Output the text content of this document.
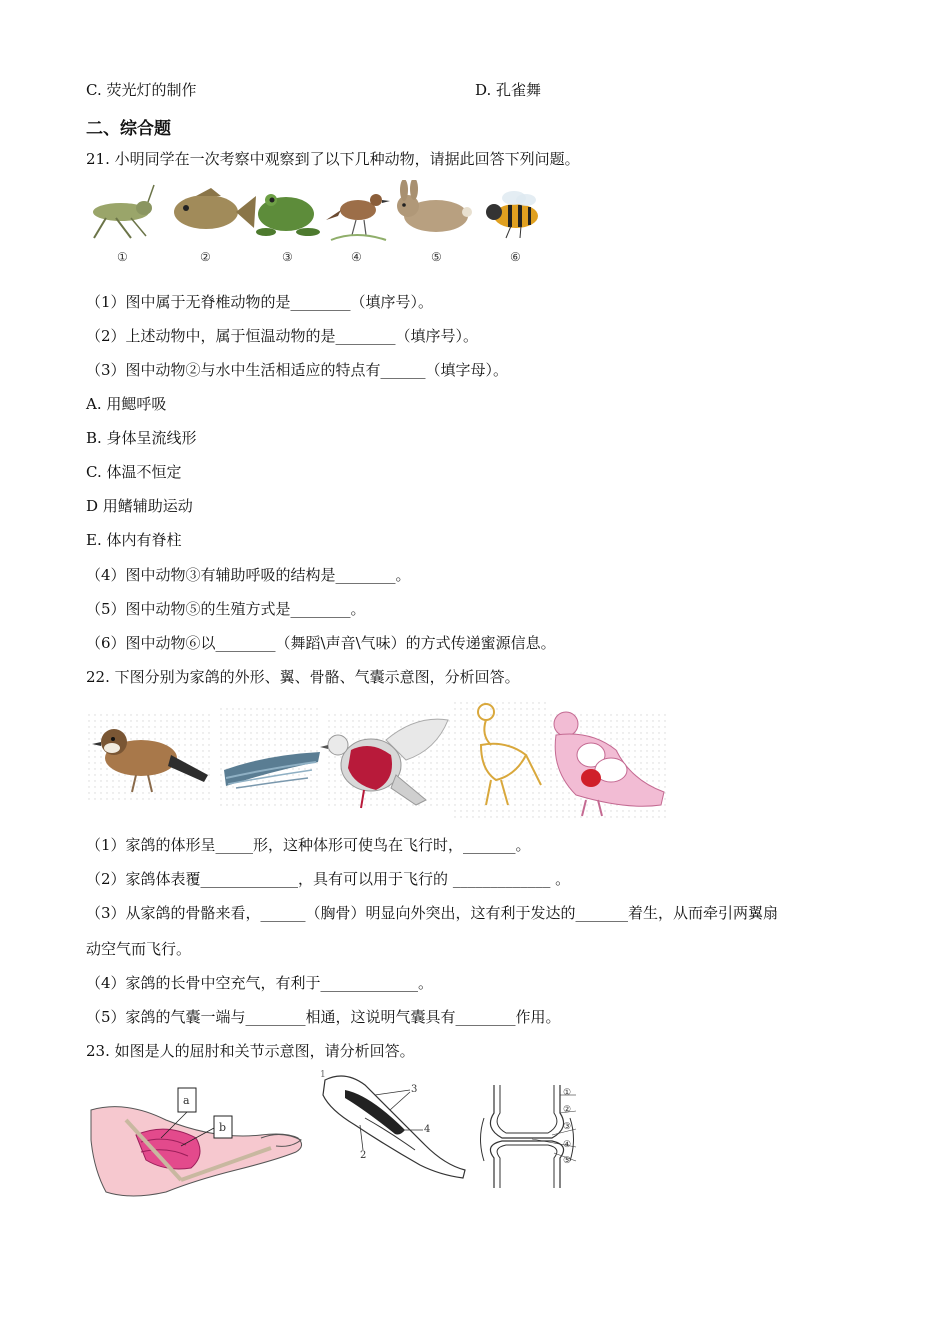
C. 荧光灯的制作	D. 孔雀舞
二、综合题
21. 小明同学在一次考察中观察到了以下几种动物，请据此回答下列问题。
①	②	③	④	⑤	⑥
（1）图中属于无脊椎动物的是________（填序号）。
（2）上述动物中，属于恒温动物的是________（填序号）。
（3）图中动物②与水中生活相适应的特点有______（填字母）。
A. 用鳃呼吸
B. 身体呈流线形
C. 体温不恒定
D 用鳍辅助运动
E. 体内有脊柱
（4）图中动物③有辅助呼吸的结构是________。
（5）图中动物⑤的生殖方式是________。
（6）图中动物⑥以________（舞蹈\声音\气味）的方式传递蜜源信息。
22. 下图分别为家鸽的外形、翼、骨骼、气囊示意图，分析回答。
（1）家鸽的体形呈_____形，这种体形可使鸟在飞行时，_______。
（2）家鸽体表覆_____________，具有可以用于飞行的 _____________ 。
（3）从家鸽的骨骼来看，______（胸骨）明显向外突出，这有利于发达的_______着生，从而牵引两翼扇
动空气而飞行。
（4）家鸽的长骨中空充气，有利于_____________。
（5）家鸽的气囊一端与________相通，这说明气囊具有________作用。
23. 如图是人的屈肘和关节示意图，请分析回答。
a
b
3
4
2
①
②
③
④
⑤
1
